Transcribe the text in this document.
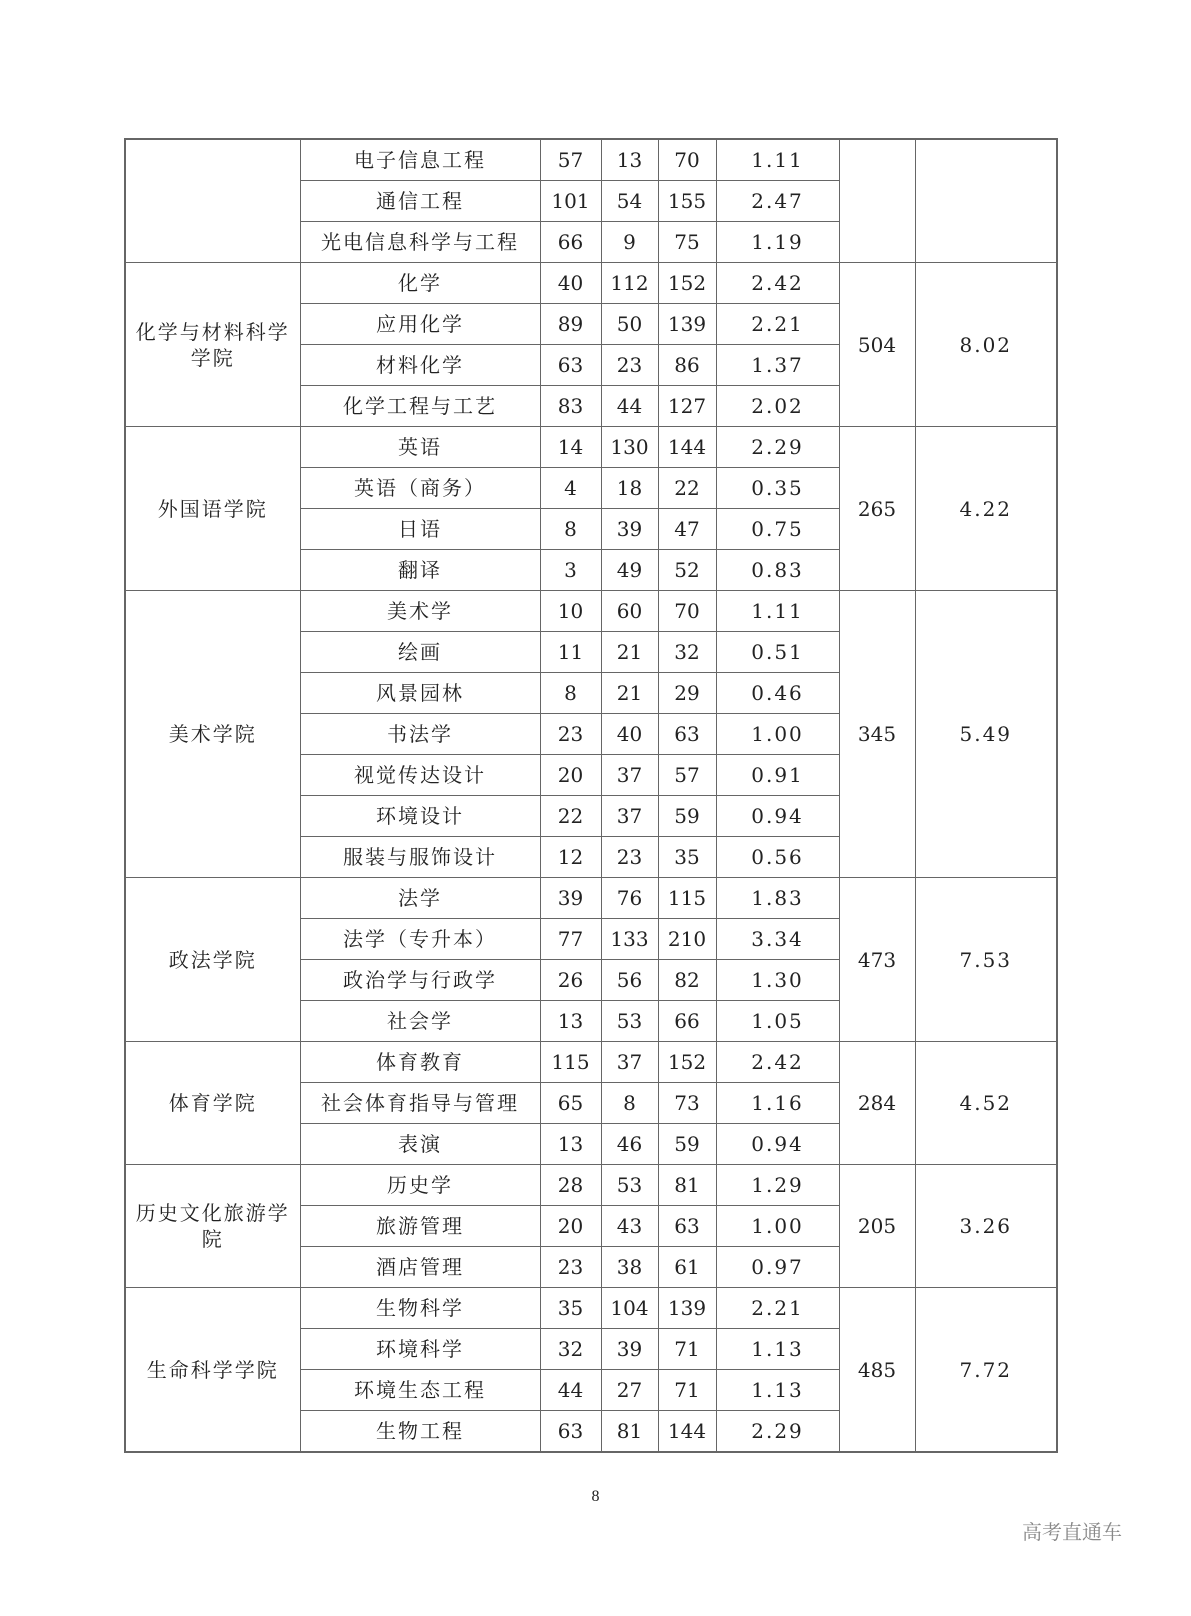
	电子信息工程	57	13	70	1.11		
	通信工程	101	54	155	2.47		
	光电信息科学与工程	66	9	75	1.19		
化学与材料科学学院	化学	40	112	152	2.42	504	8.02
	应用化学	89	50	139	2.21		
	材料化学	63	23	86	1.37		
	化学工程与工艺	83	44	127	2.02		
外国语学院	英语	14	130	144	2.29	265	4.22
	英语（商务）	4	18	22	0.35		
	日语	8	39	47	0.75		
	翻译	3	49	52	0.83		
美术学院	美术学	10	60	70	1.11	345	5.49
	绘画	11	21	32	0.51		
	风景园林	8	21	29	0.46		
	书法学	23	40	63	1.00		
	视觉传达设计	20	37	57	0.91		
	环境设计	22	37	59	0.94		
	服装与服饰设计	12	23	35	0.56		
政法学院	法学	39	76	115	1.83	473	7.53
	法学（专升本）	77	133	210	3.34		
	政治学与行政学	26	56	82	1.30		
	社会学	13	53	66	1.05		
体育学院	体育教育	115	37	152	2.42	284	4.52
	社会体育指导与管理	65	8	73	1.16		
	表演	13	46	59	0.94		
历史文化旅游学院	历史学	28	53	81	1.29	205	3.26
	旅游管理	20	43	63	1.00		
	酒店管理	23	38	61	0.97		
生命科学学院	生物科学	35	104	139	2.21	485	7.72
	环境科学	32	39	71	1.13		
	环境生态工程	44	27	71	1.13		
	生物工程	63	81	144	2.29		
8
高考直通车
